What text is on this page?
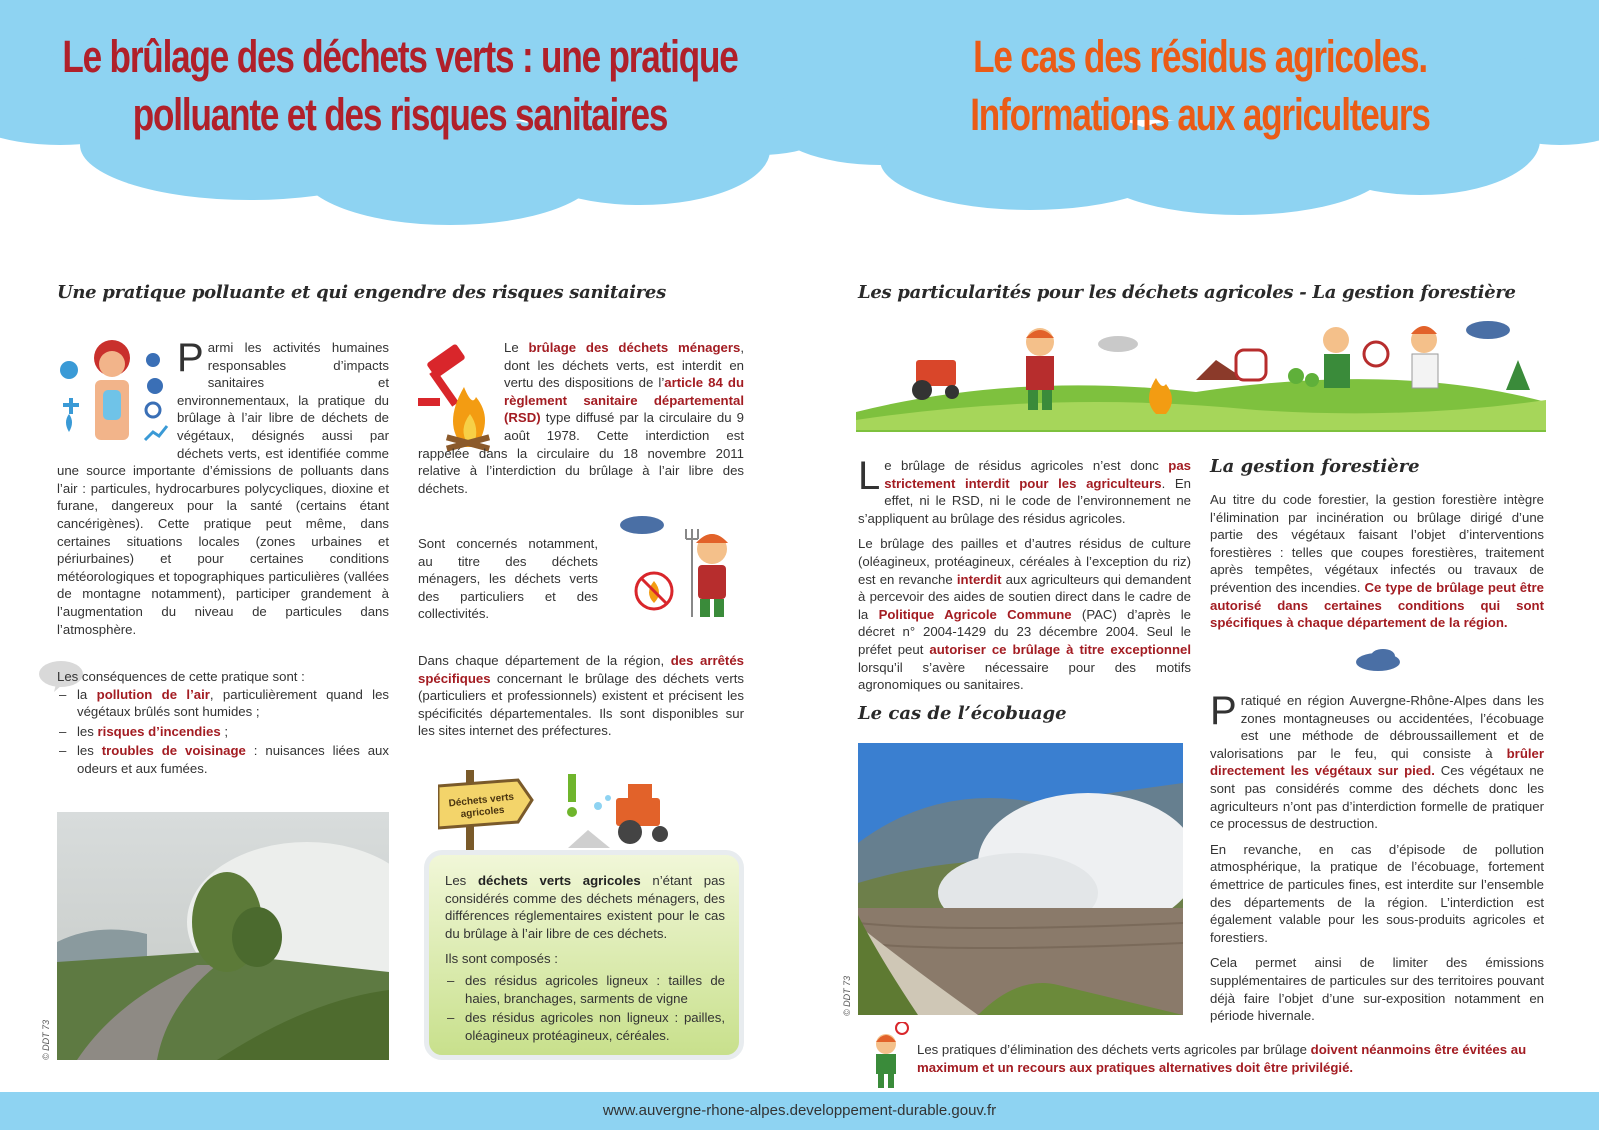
Le brûlage des déchets verts : une pratique polluante et des risques sanitaires
Le cas des résidus agricoles. Informations aux agriculteurs
Une pratique polluante et qui engendre des risques sanitaires	Les particularités pour les déchets agricoles - La gestion forestière
Parmi les activités humaines responsables d’impacts sanitaires et environnementaux, la pratique du brûlage à l’air libre de déchets de végétaux, désignés aussi par déchets verts, est identifiée comme une source importante d’émissions de polluants dans l’air : particules, hydrocarbures polycycliques, dioxine et furane, dangereux pour la santé (certains étant cancérigènes). Cette pratique peut même, dans certaines situations locales (zones urbaines et périurbaines) et pour certaines conditions météorologiques et topographiques particulières (vallées de montagne notamment), participer grandement à l’augmentation du niveau de particules dans l’atmosphère.
Les conséquences de cette pratique sont :
– la pollution de l’air, particulièrement quand les végétaux brûlés sont humides ;
– les risques d’incendies ;
– les troubles de voisinage : nuisances liées aux odeurs et aux fumées.
© DDT 73
Le brûlage des déchets ménagers, dont les déchets verts, est interdit en vertu des dispositions de l’article 84 du règlement sanitaire départemental (RSD) type diffusé par la circulaire du 9 août 1978. Cette interdiction est rappelée dans la circulaire du 18 novembre 2011 relative à l’interdiction du brûlage à l’air libre des déchets.
Sont concernés notamment, au titre des déchets ménagers, les déchets verts des particuliers et des collectivités.
Dans chaque département de la région, des arrêtés spécifiques concernant le brûlage des déchets verts (particuliers et professionnels) existent et précisent les spécificités départementales. Ils sont disponibles sur les sites internet des préfectures.
Déchets verts agricoles

Les déchets verts agricoles n’étant pas considérés comme des déchets ménagers, des différences réglementaires existent pour le cas du brûlage à l’air libre de ces déchets.

Ils sont composés :

– des résidus agricoles ligneux : tailles de haies, branchages, sarments de vigne
– des résidus agricoles non ligneux : pailles, oléagineux protéagineux, céréales.

Le brûlage de résidus agricoles n’est donc pas strictement interdit pour les agriculteurs. En effet, ni le RSD, ni le code de l’environnement ne s’appliquent au brûlage des résidus agricoles.

Le brûlage des pailles et d’autres résidus de culture (oléagineux, protéagineux, céréales à l’exception du riz) est en revanche interdit aux agriculteurs qui demandent à percevoir des aides de soutien direct dans le cadre de la Politique Agricole Commune (PAC) d’après le décret n° 2004-1429 du 23 décembre 2004. Seul le préfet peut autoriser ce brûlage à titre exceptionnel lorsqu’il s’avère nécessaire pour des motifs agronomiques ou sanitaires.

Le cas de l’écobuage
© DDT 73
La gestion forestière
Au titre du code forestier, la gestion forestière intègre l’élimination par incinération ou brûlage dirigé d’une partie des végétaux faisant l’objet d’interventions forestières : telles que coupes forestières, traitement après tempêtes, végétaux infectés ou travaux de prévention des incendies. Ce type de brûlage peut être autorisé dans certaines conditions qui sont spécifiques à chaque département de la région.

Pratiqué en région Auvergne-Rhône-Alpes dans les zones montagneuses ou accidentées, l’écobuage est une méthode de débroussaillement et de valorisations par le feu, qui consiste à brûler directement les végétaux sur pied. Ces végétaux ne sont pas considérés comme des déchets donc les agriculteurs n’ont pas d’interdiction formelle de pratiquer ce processus de destruction.

En revanche, en cas d’épisode de pollution atmosphérique, la pratique de l’écobuage, fortement émettrice de particules fines, est interdite sur l’ensemble des départements de la région. L’interdiction est également valable pour les sous-produits agricoles et forestiers.

Cela permet ainsi de limiter des émissions supplémentaires de particules sur des territoires pouvant déjà faire l’objet d’une sur-exposition notamment en période hivernale.

Les pratiques d’élimination des déchets verts agricoles par brûlage doivent néanmoins être évitées au maximum et un recours aux pratiques alternatives doit être privilégié.
www.auvergne-rhone-alpes.developpement-durable.gouv.fr
